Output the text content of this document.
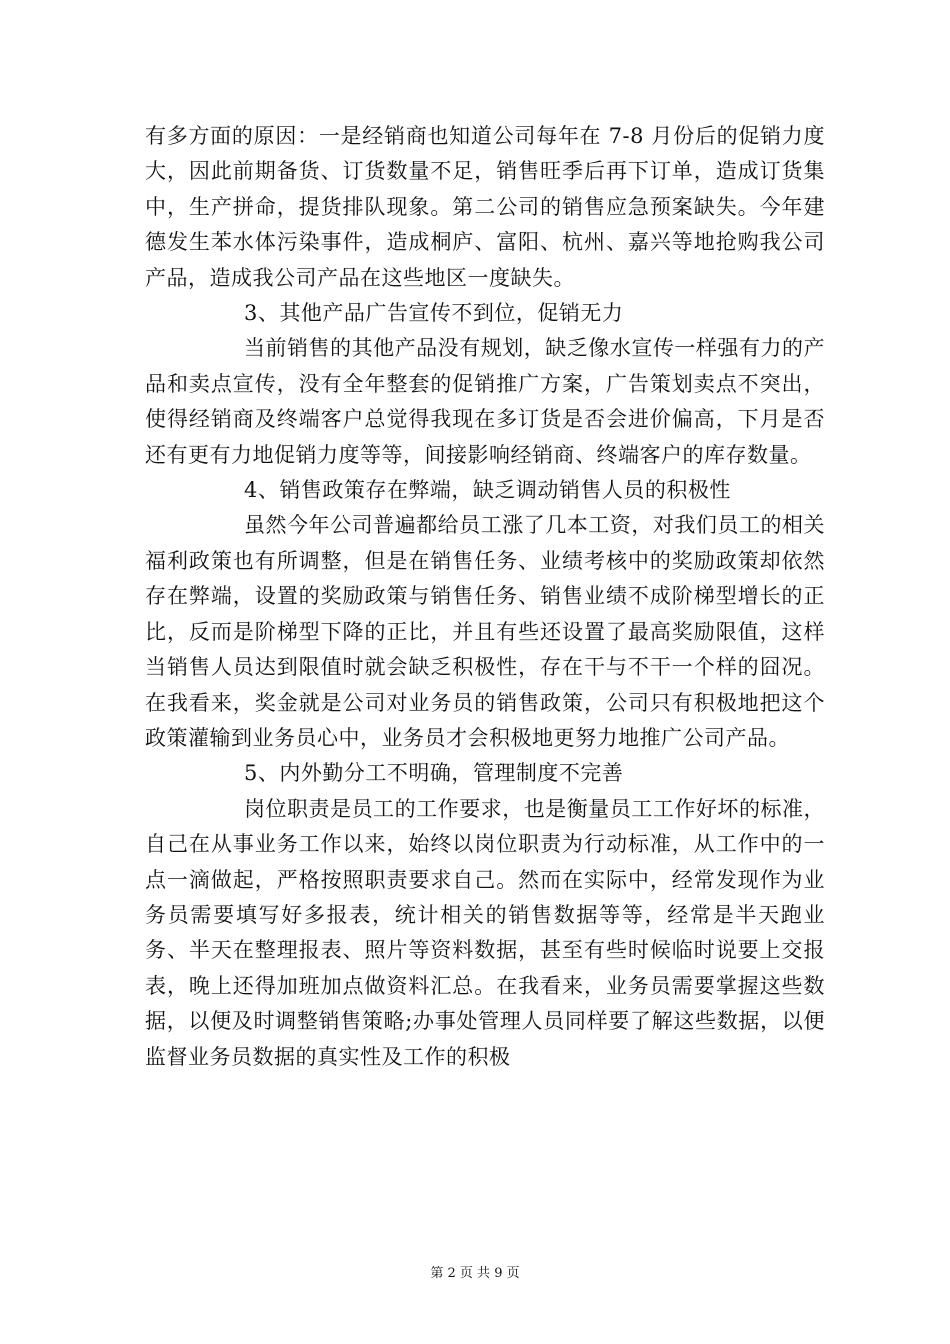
有多方面的原因：一是经销商也知道公司每年在 7-8 月份后的促销力度大，因此前期备货、订货数量不足，销售旺季后再下订单，造成订货集中，生产拼命，提货排队现象。第二公司的销售应急预案缺失。今年建德发生苯水体污染事件，造成桐庐、富阳、杭州、嘉兴等地抢购我公司产品，造成我公司产品在这些地区一度缺失。

3、其他产品广告宣传不到位，促销无力

当前销售的其他产品没有规划，缺乏像水宣传一样强有力的产品和卖点宣传，没有全年整套的促销推广方案，广告策划卖点不突出，使得经销商及终端客户总觉得我现在多订货是否会进价偏高，下月是否还有更有力地促销力度等等，间接影响经销商、终端客户的库存数量。

4、销售政策存在弊端，缺乏调动销售人员的积极性

虽然今年公司普遍都给员工涨了几本工资，对我们员工的相关福利政策也有所调整，但是在销售任务、业绩考核中的奖励政策却依然存在弊端，设置的奖励政策与销售任务、销售业绩不成阶梯型增长的正比，反而是阶梯型下降的正比，并且有些还设置了最高奖励限值，这样当销售人员达到限值时就会缺乏积极性，存在干与不干一个样的囧况。在我看来，奖金就是公司对业务员的销售政策，公司只有积极地把这个政策灌输到业务员心中，业务员才会积极地更努力地推广公司产品。

5、内外勤分工不明确，管理制度不完善

岗位职责是员工的工作要求，也是衡量员工工作好坏的标准，自己在从事业务工作以来，始终以岗位职责为行动标准，从工作中的一点一滴做起，严格按照职责要求自己。然而在实际中，经常发现作为业务员需要填写好多报表，统计相关的销售数据等等，经常是半天跑业务、半天在整理报表、照片等资料数据，甚至有些时候临时说要上交报表，晚上还得加班加点做资料汇总。在我看来，业务员需要掌握这些数据，以便及时调整销售策略;办事处管理人员同样要了解这些数据，以便监督业务员数据的真实性及工作的积极

第 2 页 共 9 页
